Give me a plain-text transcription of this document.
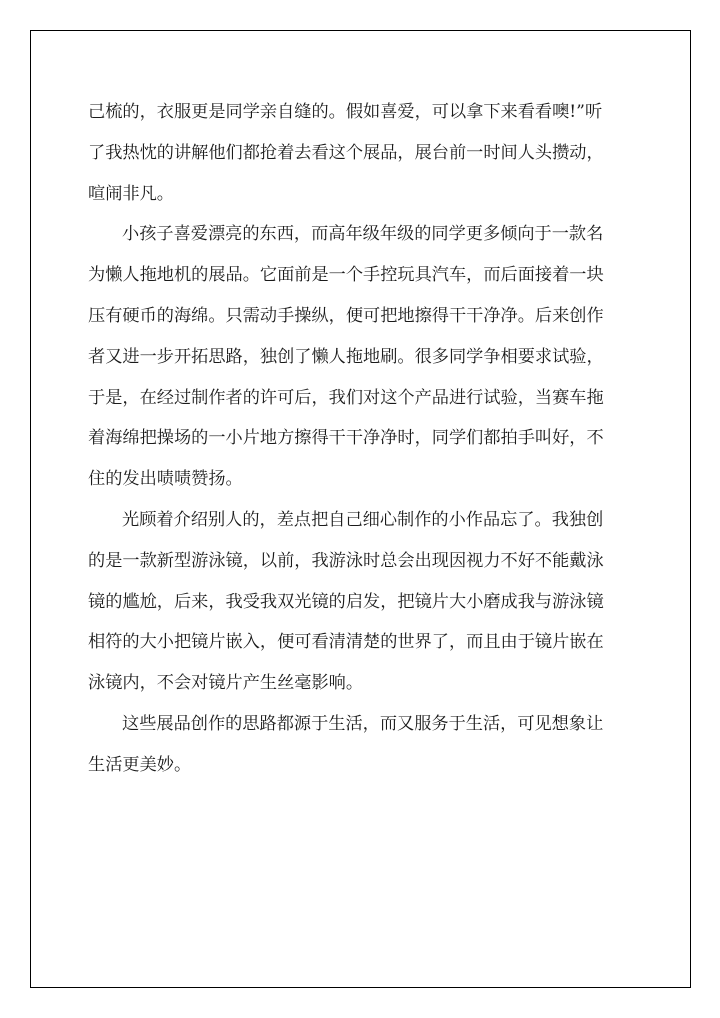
己梳的，衣服更是同学亲自缝的。假如喜爱，可以拿下来看看噢!”听
了我热忱的讲解他们都抢着去看这个展品，展台前一时间人头攒动，
喧闹非凡。
小孩子喜爱漂亮的东西，而高年级年级的同学更多倾向于一款名
为懒人拖地机的展品。它面前是一个手控玩具汽车，而后面接着一块
压有硬币的海绵。只需动手操纵，便可把地擦得干干净净。后来创作
者又进一步开拓思路，独创了懒人拖地刷。很多同学争相要求试验，
于是，在经过制作者的许可后，我们对这个产品进行试验，当赛车拖
着海绵把操场的一小片地方擦得干干净净时，同学们都拍手叫好，不
住的发出啧啧赞扬。
光顾着介绍别人的，差点把自己细心制作的小作品忘了。我独创
的是一款新型游泳镜，以前，我游泳时总会出现因视力不好不能戴泳
镜的尴尬，后来，我受我双光镜的启发，把镜片大小磨成我与游泳镜
相符的大小把镜片嵌入，便可看清清楚的世界了，而且由于镜片嵌在
泳镜内，不会对镜片产生丝毫影响。
这些展品创作的思路都源于生活，而又服务于生活，可见想象让
生活更美妙。
